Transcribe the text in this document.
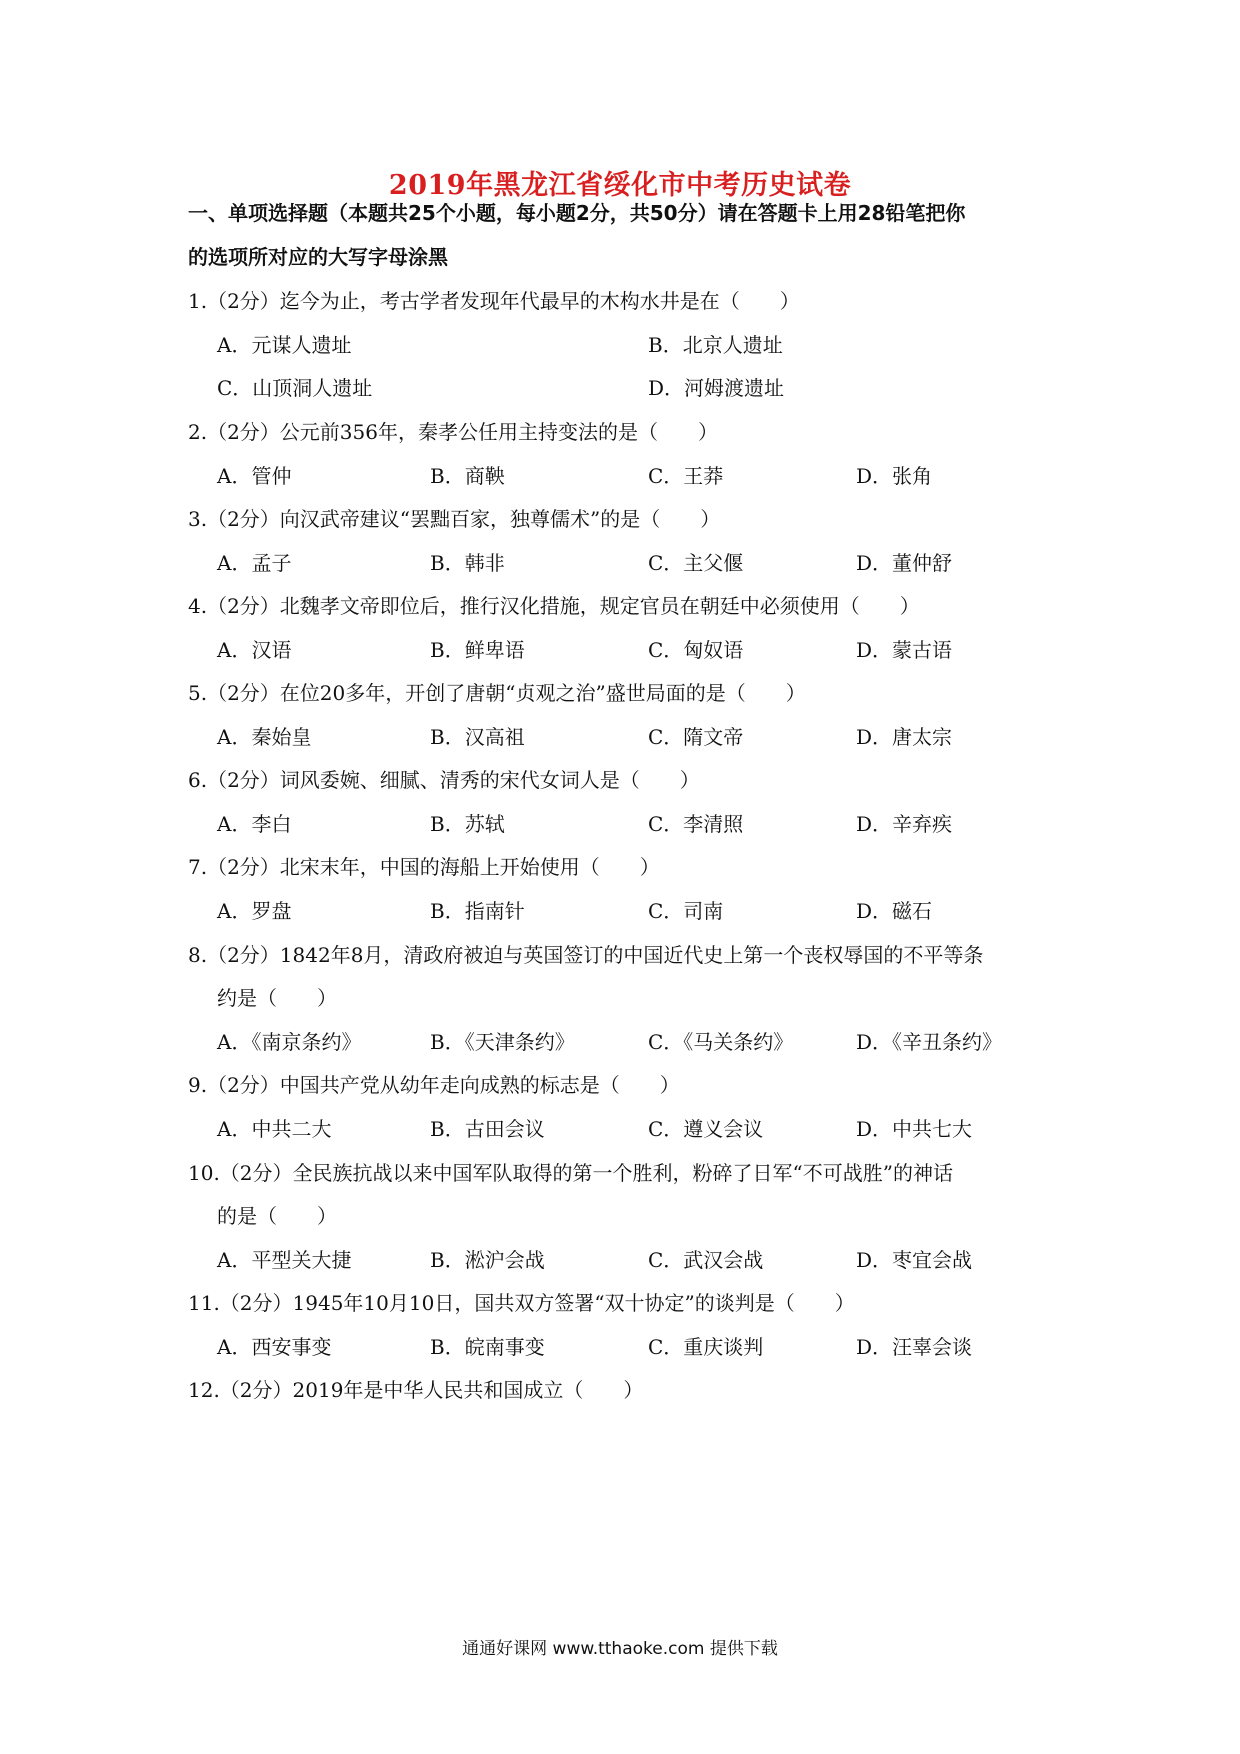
2019年黑龙江省绥化市中考历史试卷
一、单项选择题（本题共25个小题，每小题2分，共50分）请在答题卡上用28铅笔把你
的选项所对应的大写字母涂黑
1.（2分）迄今为止，考古学者发现年代最早的木构水井是在（　　）
A．元谋人遗址	B．北京人遗址
C．山顶洞人遗址	D．河姆渡遗址
2.（2分）公元前356年，秦孝公任用主持变法的是（　　）
A．管仲	B．商鞅	C．王莽	D．张角
3.（2分）向汉武帝建议“罢黜百家，独尊儒术”的是（　　）
A．孟子	B．韩非	C．主父偃	D．董仲舒
4.（2分）北魏孝文帝即位后，推行汉化措施，规定官员在朝廷中必须使用（　　）
A．汉语	B．鲜卑语	C．匈奴语	D．蒙古语
5.（2分）在位20多年，开创了唐朝“贞观之治”盛世局面的是（　　）
A．秦始皇	B．汉高祖	C．隋文帝	D．唐太宗
6.（2分）词风委婉、细腻、清秀的宋代女词人是（　　）
A．李白	B．苏轼	C．李清照	D．辛弃疾
7.（2分）北宋末年，中国的海船上开始使用（　　）
A．罗盘	B．指南针	C．司南	D．磁石
8.（2分）1842年8月，清政府被迫与英国签订的中国近代史上第一个丧权辱国的不平等条
约是（　　）
A．《南京条约》	B．《天津条约》	C．《马关条约》	D．《辛丑条约》
9.（2分）中国共产党从幼年走向成熟的标志是（　　）
A．中共二大	B．古田会议	C．遵义会议	D．中共七大
10.（2分）全民族抗战以来中国军队取得的第一个胜利，粉碎了日军“不可战胜”的神话
的是（　　）
A．平型关大捷	B．淞沪会战	C．武汉会战	D．枣宜会战
11.（2分）1945年10月10日，国共双方签署“双十协定”的谈判是（　　）
A．西安事变	B．皖南事变	C．重庆谈判	D．汪辜会谈
12.（2分）2019年是中华人民共和国成立（　　）
通通好课网 www.tthaoke.com 提供下载
